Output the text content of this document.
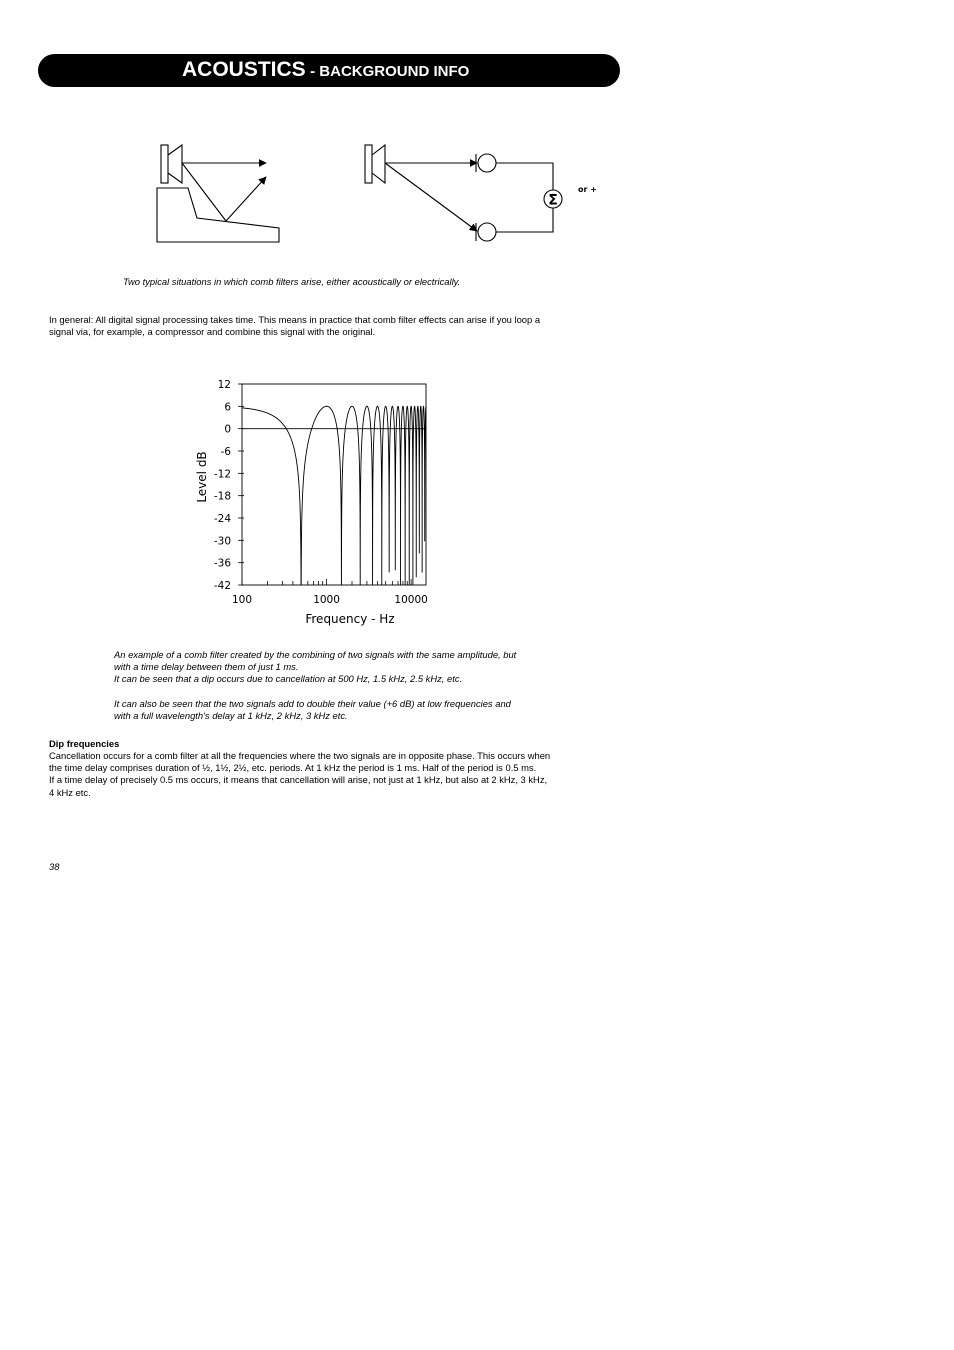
ACOUSTICS - BACKGROUND INFO
Σ
or +
Two typical situations in which comb filters arise, either acoustically or electrically.
In general: All digital signal processing takes time. This means in practice that comb filter effects can arise if you loop a
signal via, for example, a compressor and combine this signal with the original.
12
6
0
-6
-12
-18
-24
-30
-36
-42
100	1000	10000
Level dB
Frequency - Hz
An example of a comb filter created by the combining of two signals with the same amplitude, but
with a time delay between them of just 1 ms.
It can be seen that a dip occurs due to cancellation at 500 Hz, 1.5 kHz, 2.5 kHz, etc.
It can also be seen that the two signals add to double their value (+6 dB) at low frequencies and
with a full wavelength's delay at 1 kHz, 2 kHz, 3 kHz etc.
Dip frequencies
Cancellation occurs for a comb filter at all the frequencies where the two signals are in opposite phase. This occurs when
the time delay comprises duration of ½, 1½, 2½, etc. periods. At 1 kHz the period is 1 ms. Half of the period is 0.5 ms.
If a time delay of precisely 0.5 ms occurs, it means that cancellation will arise, not just at 1 kHz, but also at 2 kHz, 3 kHz,
4 kHz etc.
38
